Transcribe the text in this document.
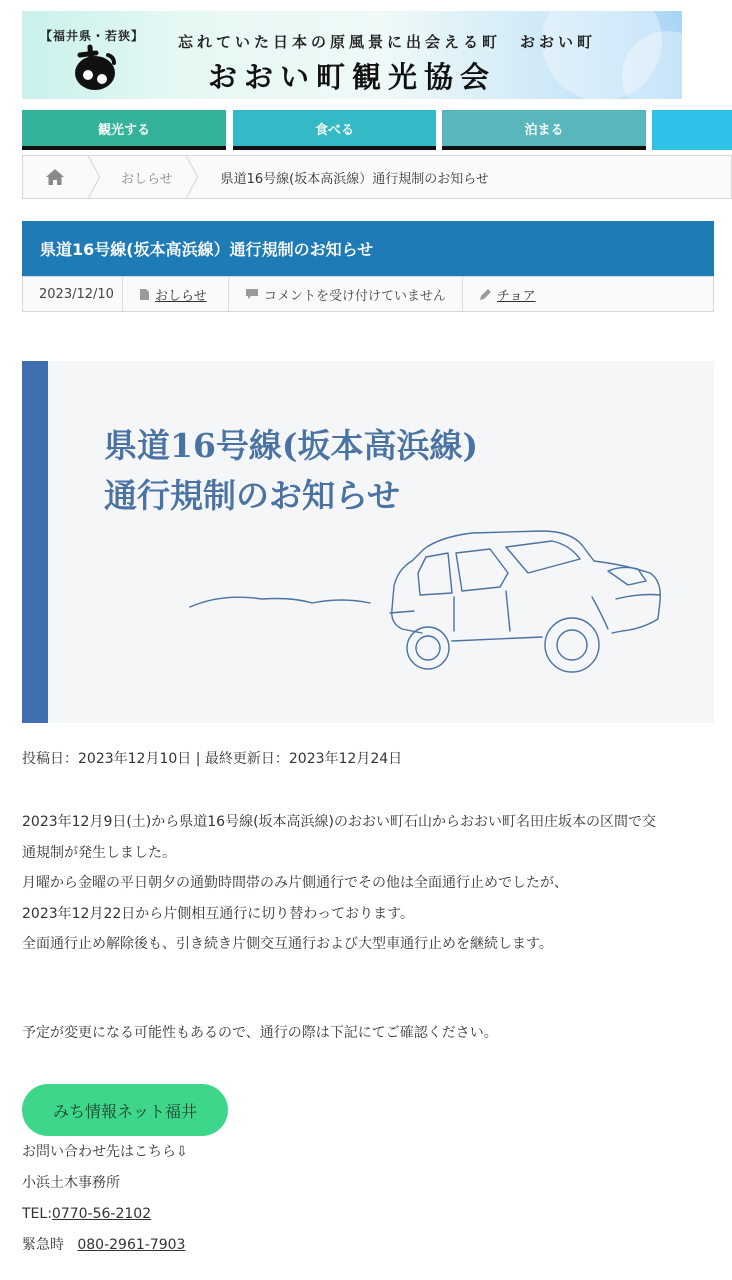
【福井県・若狭】 忘れていた日本の原風景に出会える町　おおい町
おおい町観光協会
観光する	食べる	泊まる
おしらせ	県道16号線(坂本高浜線）通行規制のお知らせ
県道16号線(坂本高浜線）通行規制のお知らせ
2023/12/10	おしらせ	コメントを受け付けていません	チョア
県道16号線(坂本高浜線)
通行規制のお知らせ
投稿日：2023年12月10日 | 最終更新日：2023年12月24日
2023年12月9日(土)から県道16号線(坂本高浜線)のおおい町石山からおおい町名田庄坂本の区間で交
通規制が発生しました。
月曜から金曜の平日朝夕の通勤時間帯のみ片側通行でその他は全面通行止めでしたが、
2023年12月22日から片側相互通行に切り替わっております。
全面通行止め解除後も、引き続き片側交互通行および大型車通行止めを継続します。
予定が変更になる可能性もあるので、通行の際は下記にてご確認ください。
みち情報ネット福井
お問い合わせ先はこちら⇩
小浜土木事務所
TEL:0770-56-2102
緊急時 080-2961-7903
